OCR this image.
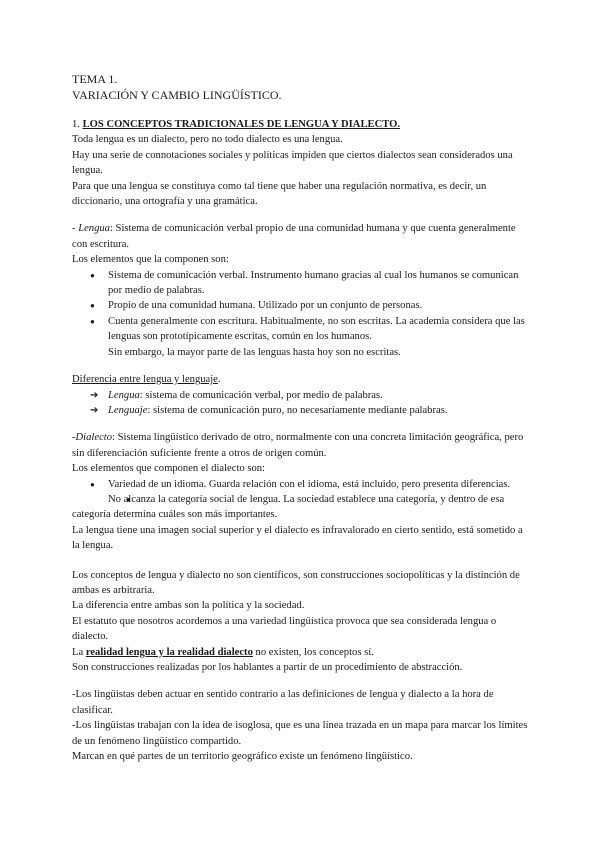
TEMA 1.

VARIACIÓN Y CAMBIO LINGÜÍSTICO.

1. LOS CONCEPTOS TRADICIONALES DE LENGUA Y DIALECTO.

Toda lengua es un dialecto, pero no todo dialecto es una lengua.

Hay una serie de connotaciones sociales y políticas impiden que ciertos dialectos sean considerados una lengua.

Para que una lengua se constituya como tal tiene que haber una regulación normativa, es decir, un diccionario, una ortografía y una gramática.

- Lengua: Sistema de comunicación verbal propio de una comunidad humana y que cuenta generalmente con escritura.

Los elementos que la componen son:

● Sistema de comunicación verbal. Instrumento humano gracias al cual los humanos se comunican por medio de palabras.
● Propio de una comunidad humana. Utilizado por un conjunto de personas.
● Cuenta generalmente con escritura. Habitualmente, no son escritas. La academia considera que las lenguas son prototípicamente escritas, común en los humanos.

Sin embargo, la mayor parte de las lenguas hasta hoy son no escritas.

Diferencia entre lengua y lenguaje.

➔ Lengua: sistema de comunicación verbal, por medio de palabras.
➔ Lenguaje: sistema de comunicación puro, no necesariamente mediante palabras.

-Dialecto: Sistema lingüístico derivado de otro, normalmente con una concreta limitación geográfica, pero sin diferenciación suficiente frente a otros de origen común.

Los elementos que componen el dialecto son:

● Variedad de un idioma. Guarda relación con el idioma, está incluido, pero presenta diferencias.
● No alcanza la categoría social de lengua. La sociedad establece una categoría, y dentro de esa categoría determina cuáles son más importantes.

La lengua tiene una imagen social superior y el dialecto es infravalorado en cierto sentido, está sometido a la lengua.

Los conceptos de lengua y dialecto no son científicos, son construcciones sociopolíticas y la distinción de ambas es arbitraria.

La diferencia entre ambas son la política y la sociedad.

El estatuto que nosotros acordemos a una variedad lingüística provoca que sea considerada lengua o dialecto.

La realidad lengua y la realidad dialecto no existen, los conceptos sí.

Son construcciones realizadas por los hablantes a partir de un procedimiento de abstracción.

-Los lingüistas deben actuar en sentido contrario a las definiciones de lengua y dialecto a la hora de clasificar.

-Los lingüistas trabajan con la idea de isoglosa, que es una línea trazada en un mapa para marcar los límites de un fenómeno lingüístico compartido.

Marcan en qué partes de un territorio geográfico existe un fenómeno lingüístico.
